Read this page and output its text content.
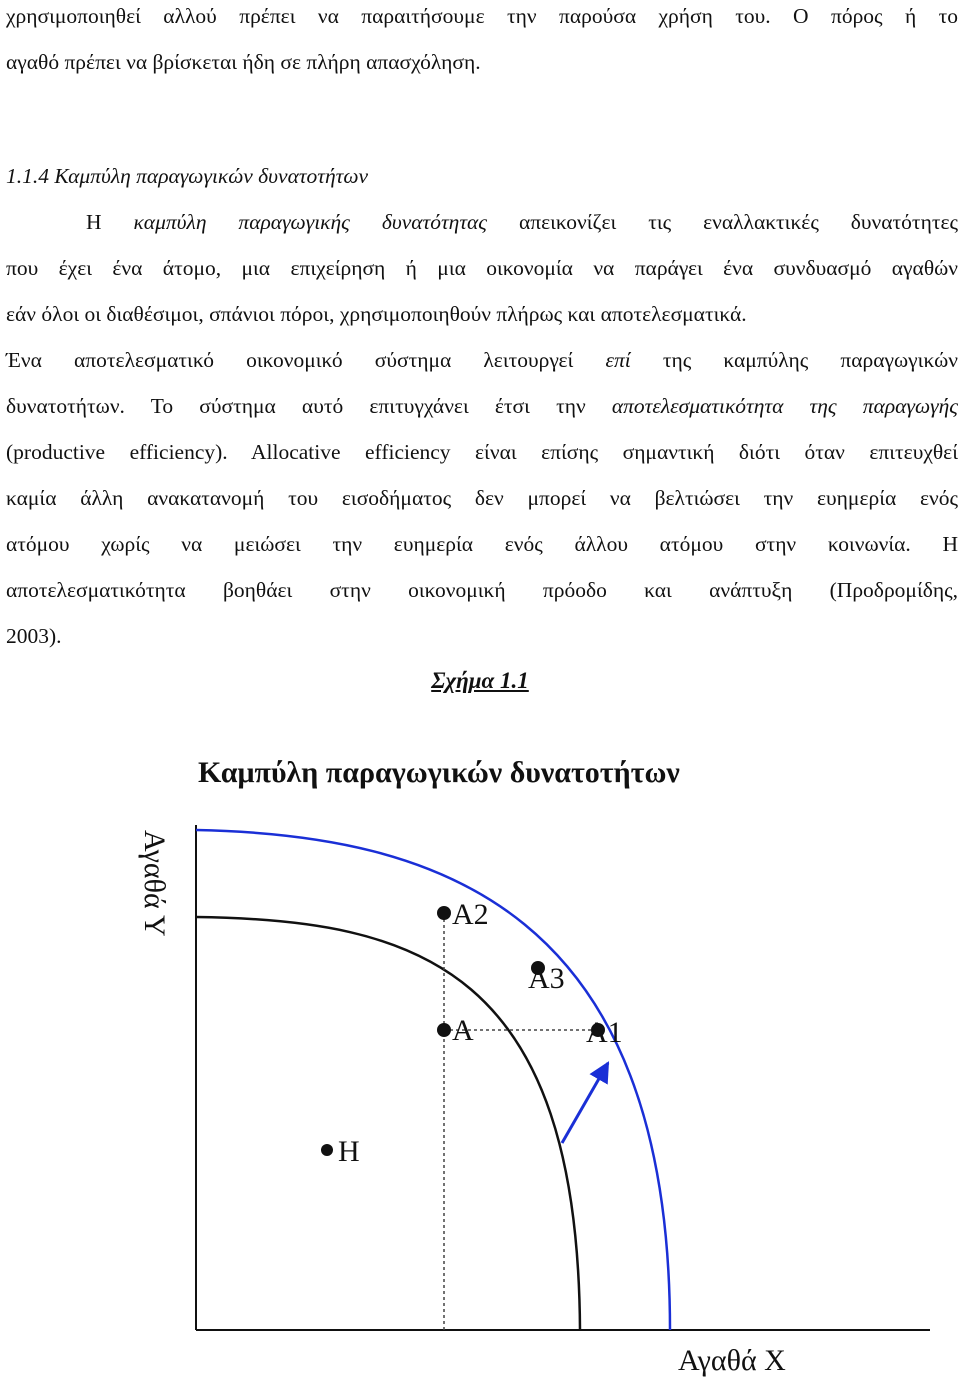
χρησιμοποιηθεί αλλού πρέπει να παραιτήσουμε την παρούσα χρήση του. Ο πόρος ή το
αγαθό πρέπει να βρίσκεται ήδη σε πλήρη απασχόληση.
1.1.4 Καμπύλη παραγωγικών δυνατοτήτων
Η καμπύλη παραγωγικής δυνατότητας απεικονίζει τις εναλλακτικές δυνατότητες
που έχει ένα άτομο, μια επιχείρηση ή μια οικονομία να παράγει ένα συνδυασμό αγαθών
εάν όλοι οι διαθέσιμοι, σπάνιοι πόροι, χρησιμοποιηθούν πλήρως και αποτελεσματικά.
Ένα αποτελεσματικό οικονομικό σύστημα λειτουργεί επί της καμπύλης παραγωγικών
δυνατοτήτων. Το σύστημα αυτό επιτυγχάνει έτσι την αποτελεσματικότητα της παραγωγής
(productive efficiency). Allocative efficiency είναι επίσης σημαντική διότι όταν επιτευχθεί
καμία άλλη ανακατανομή του εισοδήματος δεν μπορεί να βελτιώσει την ευημερία ενός
ατόμου χωρίς να μειώσει την ευημερία ενός άλλου ατόμου στην κοινωνία. Η
αποτελεσματικότητα βοηθάει στην οικονομική πρόοδο και ανάπτυξη (Προδρομίδης,
2003).
Σχήμα 1.1
Καμπύλη παραγωγικών δυνατοτήτων
Αγαθά Υ	A2
A3
A	A1
H
Αγαθά Χ
